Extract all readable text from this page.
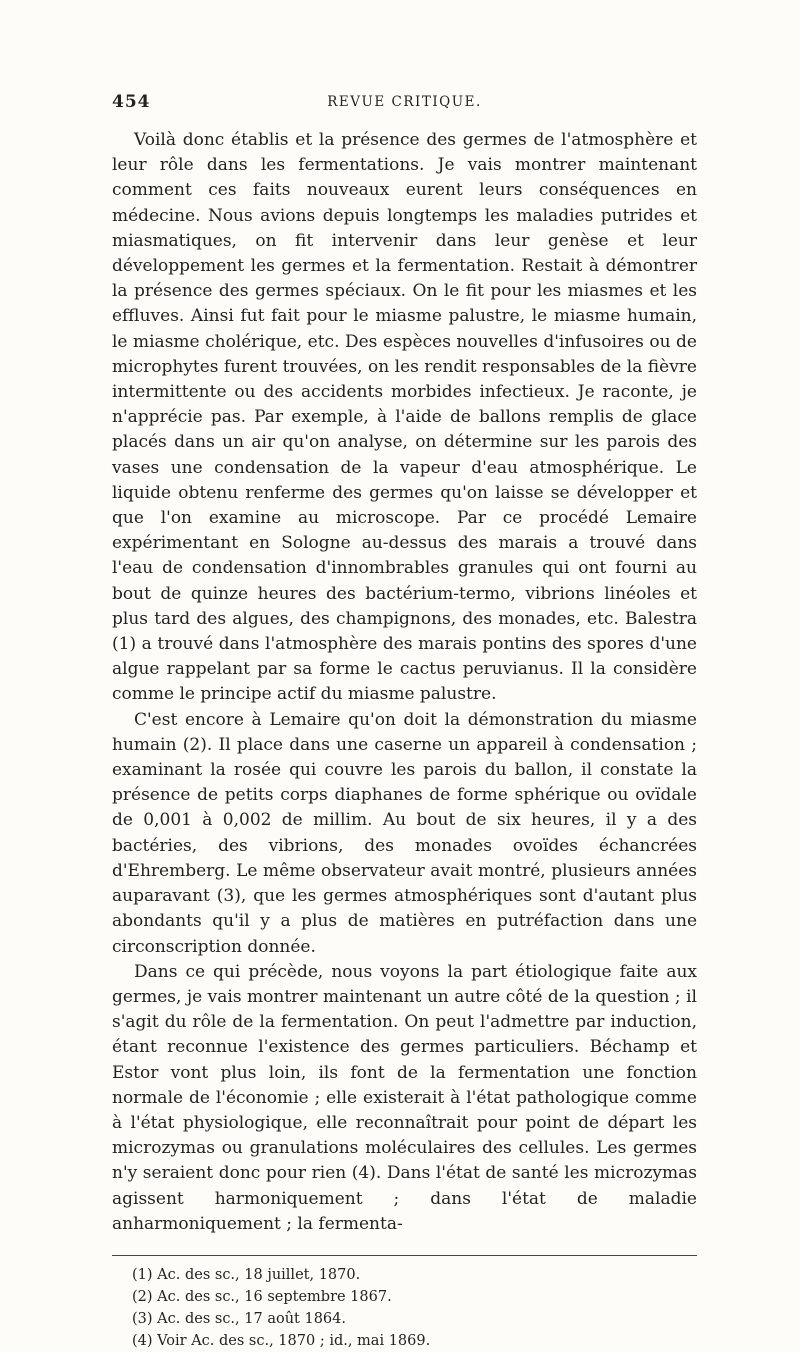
454	REVUE CRITIQUE.

Voilà donc établis et la présence des germes de l'atmosphère et leur rôle dans les fermentations. Je vais montrer maintenant comment ces faits nouveaux eurent leurs conséquences en médecine. Nous avions depuis longtemps les maladies putrides et miasmatiques, on fit intervenir dans leur genèse et leur développement les germes et la fermentation. Restait à démontrer la présence des germes spéciaux. On le fit pour les miasmes et les effluves. Ainsi fut fait pour le miasme palustre, le miasme humain, le miasme cholérique, etc. Des espèces nouvelles d'infusoires ou de microphytes furent trouvées, on les rendit responsables de la fièvre intermittente ou des accidents morbides infectieux. Je raconte, je n'apprécie pas. Par exemple, à l'aide de ballons remplis de glace placés dans un air qu'on analyse, on détermine sur les parois des vases une condensation de la vapeur d'eau atmosphérique. Le liquide obtenu renferme des germes qu'on laisse se développer et que l'on examine au microscope. Par ce procédé Lemaire expérimentant en Sologne au-dessus des marais a trouvé dans l'eau de condensation d'innombrables granules qui ont fourni au bout de quinze heures des bactérium-termo, vibrions linéoles et plus tard des algues, des champignons, des monades, etc. Balestra (1) a trouvé dans l'atmosphère des marais pontins des spores d'une algue rappelant par sa forme le cactus peruvianus. Il la considère comme le principe actif du miasme palustre.

C'est encore à Lemaire qu'on doit la démonstration du miasme humain (2). Il place dans une caserne un appareil à condensation ; examinant la rosée qui couvre les parois du ballon, il constate la présence de petits corps diaphanes de forme sphérique ou ovïdale de 0,001 à 0,002 de millim. Au bout de six heures, il y a des bactéries, des vibrions, des monades ovoïdes échancrées d'Ehremberg. Le même observateur avait montré, plusieurs années auparavant (3), que les germes atmosphériques sont d'autant plus abondants qu'il y a plus de matières en putréfaction dans une circonscription donnée.

Dans ce qui précède, nous voyons la part étiologique faite aux germes, je vais montrer maintenant un autre côté de la question ; il s'agit du rôle de la fermentation. On peut l'admettre par induction, étant reconnue l'existence des germes particuliers. Béchamp et Estor vont plus loin, ils font de la fermentation une fonction normale de l'économie ; elle existerait à l'état pathologique comme à l'état physiologique, elle reconnaîtrait pour point de départ les microzymas ou granulations moléculaires des cellules. Les germes n'y seraient donc pour rien (4). Dans l'état de santé les microzymas agissent harmoniquement ; dans l'état de maladie anharmoniquement ; la fermenta-

(1) Ac. des sc., 18 juillet, 1870.
(2) Ac. des sc., 16 septembre 1867.
(3) Ac. des sc., 17 août 1864.
(4) Voir Ac. des sc., 1870 ; id., mai 1869.
